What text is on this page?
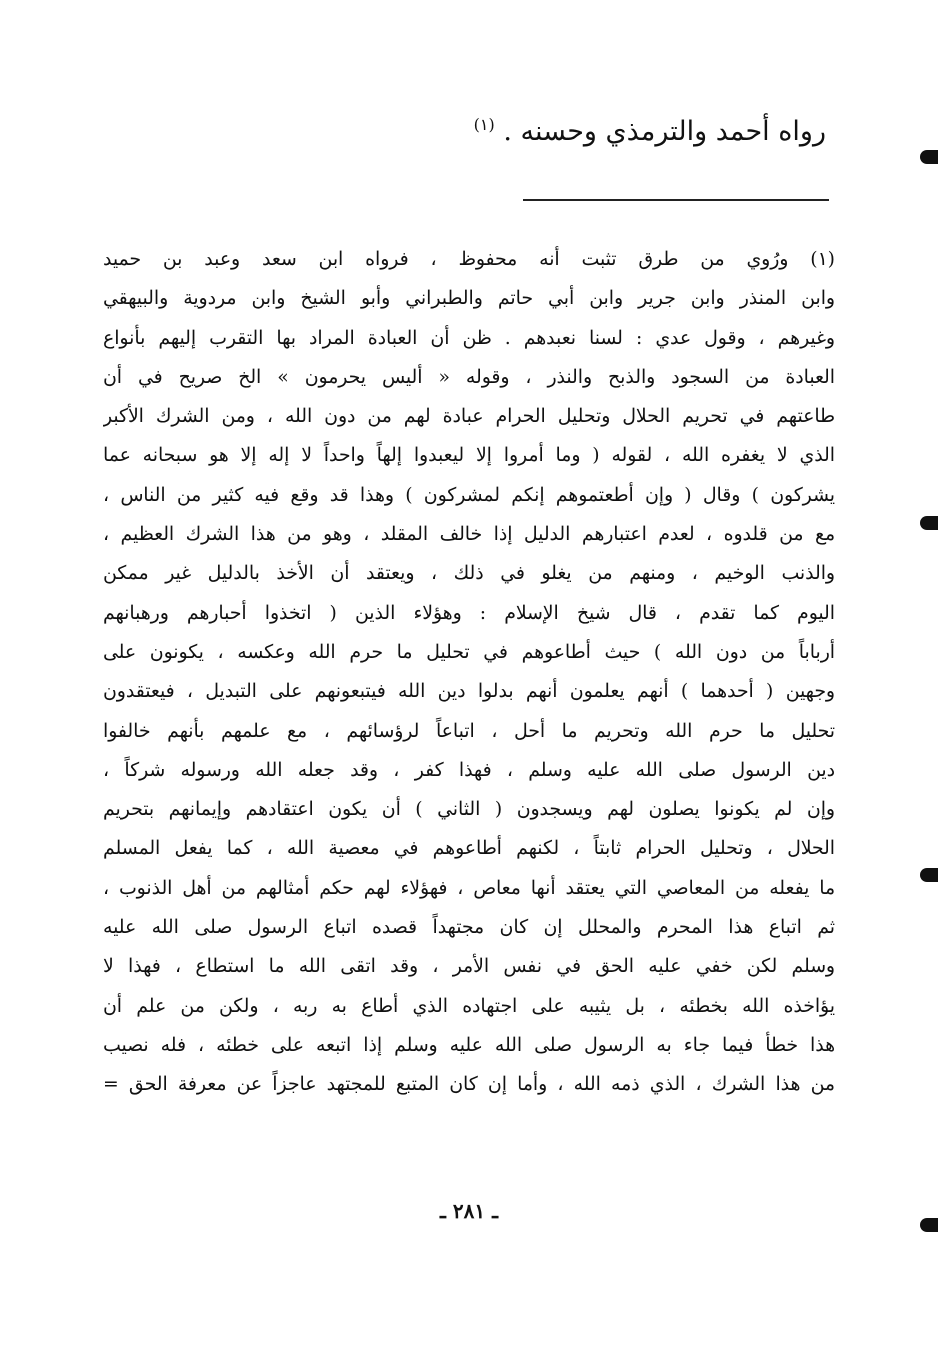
رواه أحمد والترمذي وحسنه . $^{(١)}$
(١) ورُوي من طرق تثبت أنه محفوظ ، فرواه ابن سعد وعبد بن حميد
وابن المنذر وابن جرير وابن أبي حاتم والطبراني وأبو الشيخ وابن مردوية والبيهقي
وغيرهم ، وقول عدي : لسنا نعبدهم . ظن أن العبادة المراد بها التقرب إليهم بأنواع
العبادة من السجود والذبح والنذر ، وقوله « أليس يحرمون » الخ صريح في أن
طاعتهم في تحريم الحلال وتحليل الحرام عبادة لهم من دون الله ، ومن الشرك الأكبر
الذي لا يغفره الله ، لقوله ( وما أمروا إلا ليعبدوا إلهاً واحداً لا إله إلا هو سبحانه عما
يشركون ) وقال ( وإن أطعتموهم إنكم لمشركون ) وهذا قد وقع فيه كثير من الناس ،
مع من قلدوه ، لعدم اعتبارهم الدليل إذا خالف المقلد ، وهو من هذا الشرك العظيم ،
والذنب الوخيم ، ومنهم من يغلو في ذلك ، ويعتقد أن الأخذ بالدليل غير ممكن
اليوم كما تقدم ، قال شيخ الإسلام : وهؤلاء الذين ( اتخذوا أحبارهم ورهبانهم
أرباباً من دون الله ) حيث أطاعوهم في تحليل ما حرم الله وعكسه ، يكونون على
وجهين ( أحدهما ) أنهم يعلمون أنهم بدلوا دين الله فيتبعونهم على التبديل ، فيعتقدون
تحليل ما حرم الله وتحريم ما أحل ، اتباعاً لرؤسائهم ، مع علمهم بأنهم خالفوا
دين الرسول صلى الله عليه وسلم ، فهذا كفر ، وقد جعله الله ورسوله شركاً ،
وإن لم يكونوا يصلون لهم ويسجدون ( الثاني ) أن يكون اعتقادهم وإيمانهم بتحريم
الحلال ، وتحليل الحرام ثابتاً ، لكنهم أطاعوهم في معصية الله ، كما يفعل المسلم
ما يفعله من المعاصي التي يعتقد أنها معاص ، فهؤلاء لهم حكم أمثالهم من أهل الذنوب ،
ثم اتباع هذا المحرم والمحلل إن كان مجتهداً قصده اتباع الرسول صلى الله عليه
وسلم لكن خفي عليه الحق في نفس الأمر ، وقد اتقى الله ما استطاع ، فهذا لا
يؤاخذه الله بخطئه ، بل يثيبه على اجتهاده الذي أطاع به ربه ، ولكن من علم أن
هذا خطأ فيما جاء به الرسول صلى الله عليه وسلم إذا اتبعه على خطئه ، فله نصيب
من هذا الشرك ، الذي ذمه الله ، وأما إن كان المتبع للمجتهد عاجزاً عن معرفة الحق =
ـ ٢٨١ ـ
